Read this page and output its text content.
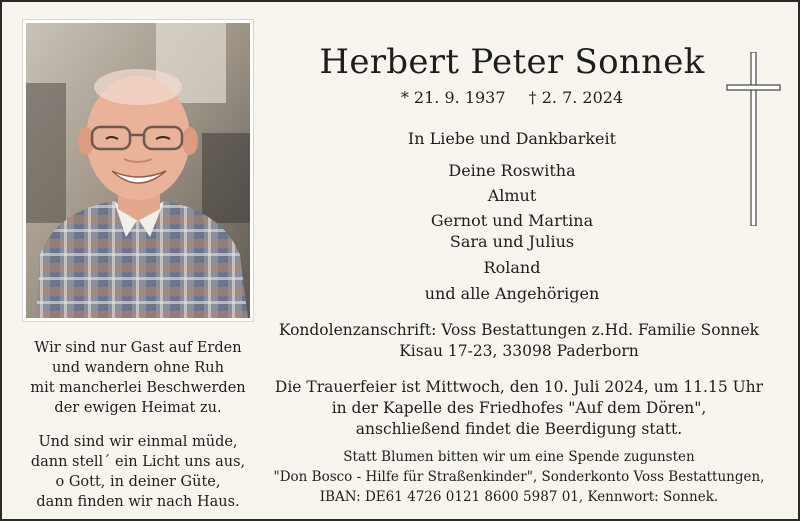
Herbert Peter Sonnek
* 21. 9. 1937 † 2. 7. 2024
In Liebe und Dankbarkeit
Deine Roswitha
Almut
Gernot und Martina
Sara und Julius
Roland
und alle Angehörigen
Wir sind nur Gast auf Erden
und wandern ohne Ruh
mit mancherlei Beschwerden
der ewigen Heimat zu.
Und sind wir einmal müde,
dann stell´ ein Licht uns aus,
o Gott, in deiner Güte,
dann finden wir nach Haus.
Kondolenzanschrift: Voss Bestattungen z.Hd. Familie Sonnek
Kisau 17-23, 33098 Paderborn
Die Trauerfeier ist Mittwoch, den 10. Juli 2024, um 11.15 Uhr
in der Kapelle des Friedhofes "Auf dem Dören",
anschließend findet die Beerdigung statt.
Statt Blumen bitten wir um eine Spende zugunsten
"Don Bosco - Hilfe für Straßenkinder", Sonderkonto Voss Bestattungen,
IBAN: DE61 4726 0121 8600 5987 01, Kennwort: Sonnek.
